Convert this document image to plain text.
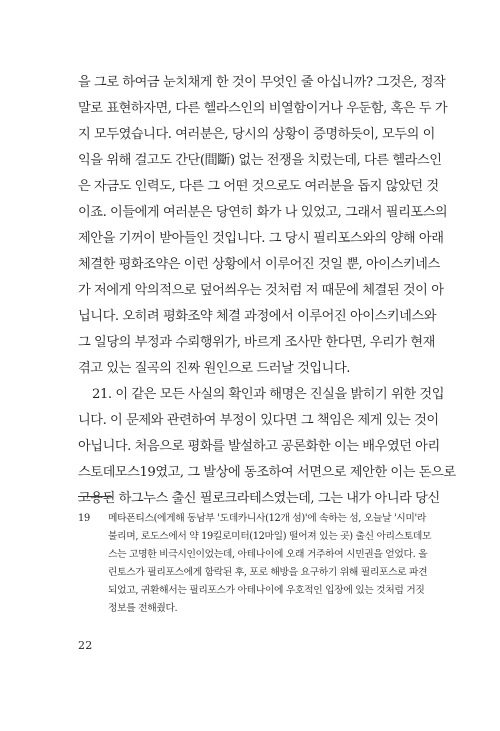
을 그로 하여금 눈치채게 한 것이 무엇인 줄 아십니까? 그것은, 정작
말로 표현하자면, 다른 헬라스인의 비열함이거나 우둔함, 혹은 두 가
지 모두였습니다. 여러분은, 당시의 상황이 증명하듯이, 모두의 이
익을 위해 걸고도 간단(間斷) 없는 전쟁을 치렀는데, 다른 헬라스인
은 자금도 인력도, 다른 그 어떤 것으로도 여러분을 돕지 않았던 것
이죠. 이들에게 여러분은 당연히 화가 나 있었고, 그래서 필리포스의
제안을 기꺼이 받아들인 것입니다. 그 당시 필리포스와의 양해 아래
체결한 평화조약은 이런 상황에서 이루어진 것일 뿐, 아이스키네스
가 저에게 악의적으로 덮어씌우는 것처럼 저 때문에 체결된 것이 아
닙니다. 오히려 평화조약 체결 과정에서 이루어진 아이스키네스와
그 일당의 부정과 수뢰행위가, 바르게 조사만 한다면, 우리가 현재
겪고 있는 질곡의 진짜 원인으로 드러날 것입니다.
21. 이 같은 모든 사실의 확인과 해명은 진실을 밝히기 위한 것입
니다. 이 문제와 관련하여 부정이 있다면 그 책임은 제게 있는 것이
아닙니다. 처음으로 평화를 발설하고 공론화한 이는 배우였던 아리
스토데모스19였고, 그 발상에 동조하여 서면으로 제안한 이는 돈으로
고용된 하그누스 출신 필로크라테스였는데, 그는 내가 아니라 당신
19 메타폰티스(에게해 동남부 '도데카니사(12개 섬)'에 속하는 섬, 오늘날 '시미'라
불리며, 로도스에서 약 19킬로미터(12마일) 떨어져 있는 곳) 출신 아리스토데모
스는 고명한 비극시인이었는데, 아테나이에 오래 거주하여 시민권을 얻었다. 올
린토스가 필리포스에게 함락된 후, 포로 해방을 요구하기 위해 필리포스로 파견
되었고, 귀환해서는 필리포스가 아테나이에 우호적인 입장에 있는 것처럼 거짓
정보를 전해줬다.
22
